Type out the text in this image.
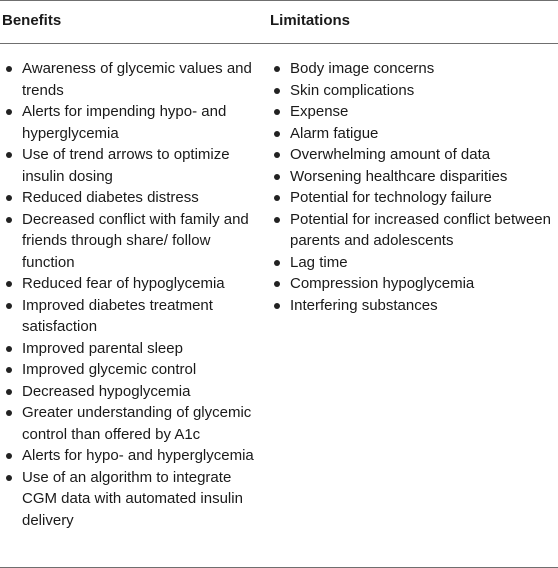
Benefits	Limitations
Awareness of glycemic values and trends
Alerts for impending hypo- and hyperglycemia
Use of trend arrows to optimize insulin dosing
Reduced diabetes distress
Decreased conflict with family and friends through share/ follow function
Reduced fear of hypoglycemia
Improved diabetes treatment satisfaction
Improved parental sleep
Improved glycemic control
Decreased hypoglycemia
Greater understanding of glycemic control than offered by A1c
Alerts for hypo- and hyperglycemia
Use of an algorithm to integrate CGM data with automated insulin delivery
Body image concerns
Skin complications
Expense
Alarm fatigue
Overwhelming amount of data
Worsening healthcare disparities
Potential for technology failure
Potential for increased conflict between parents and adolescents
Lag time
Compression hypoglycemia
Interfering substances
